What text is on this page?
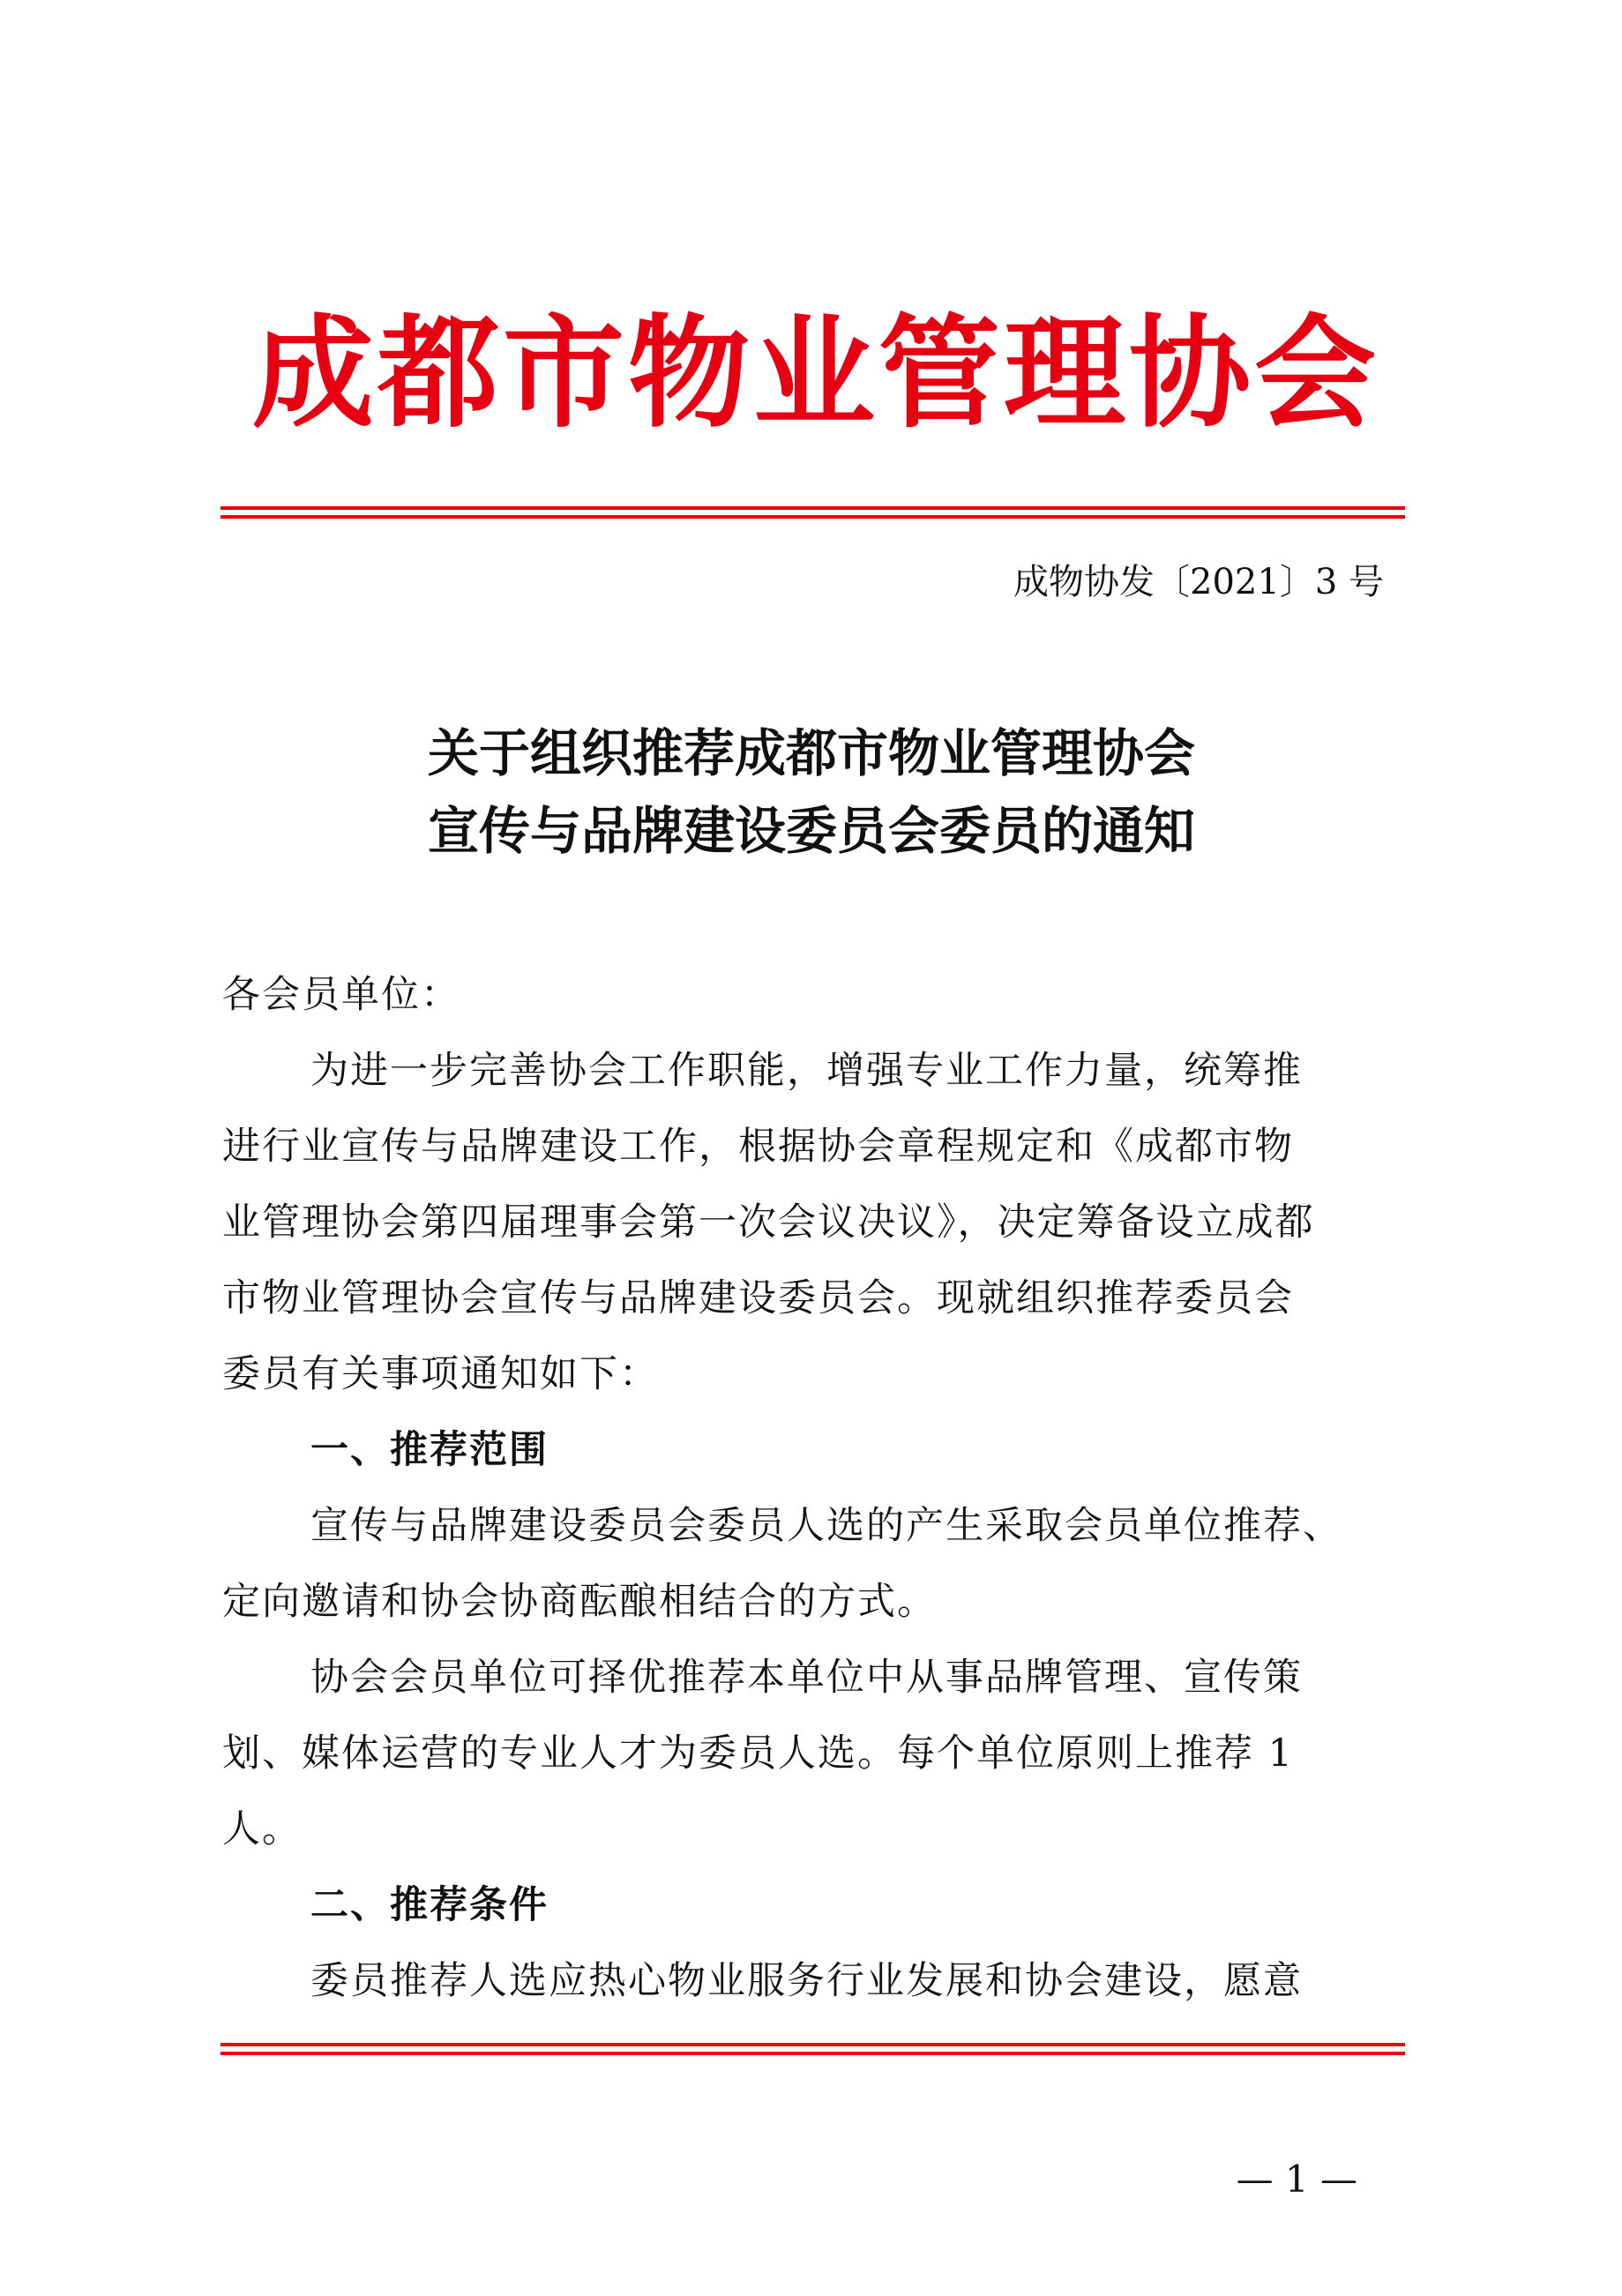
成都市物业管理协会
成物协发〔2021〕3 号
关于组织推荐成都市物业管理协会
宣传与品牌建设委员会委员的通知
各会员单位：
为进一步完善协会工作职能，增强专业工作力量，统筹推
进行业宣传与品牌建设工作，根据协会章程规定和《成都市物
业管理协会第四届理事会第一次会议决议》，决定筹备设立成都
市物业管理协会宣传与品牌建设委员会。现就组织推荐委员会
委员有关事项通知如下：
一、推荐范围
宣传与品牌建设委员会委员人选的产生采取会员单位推荐、
定向邀请和协会协商酝酿相结合的方式。
协会会员单位可择优推荐本单位中从事品牌管理、宣传策
划、媒体运营的专业人才为委员人选。每个单位原则上推荐 1
人。
二、推荐条件
委员推荐人选应热心物业服务行业发展和协会建设，愿意
— 1 —
